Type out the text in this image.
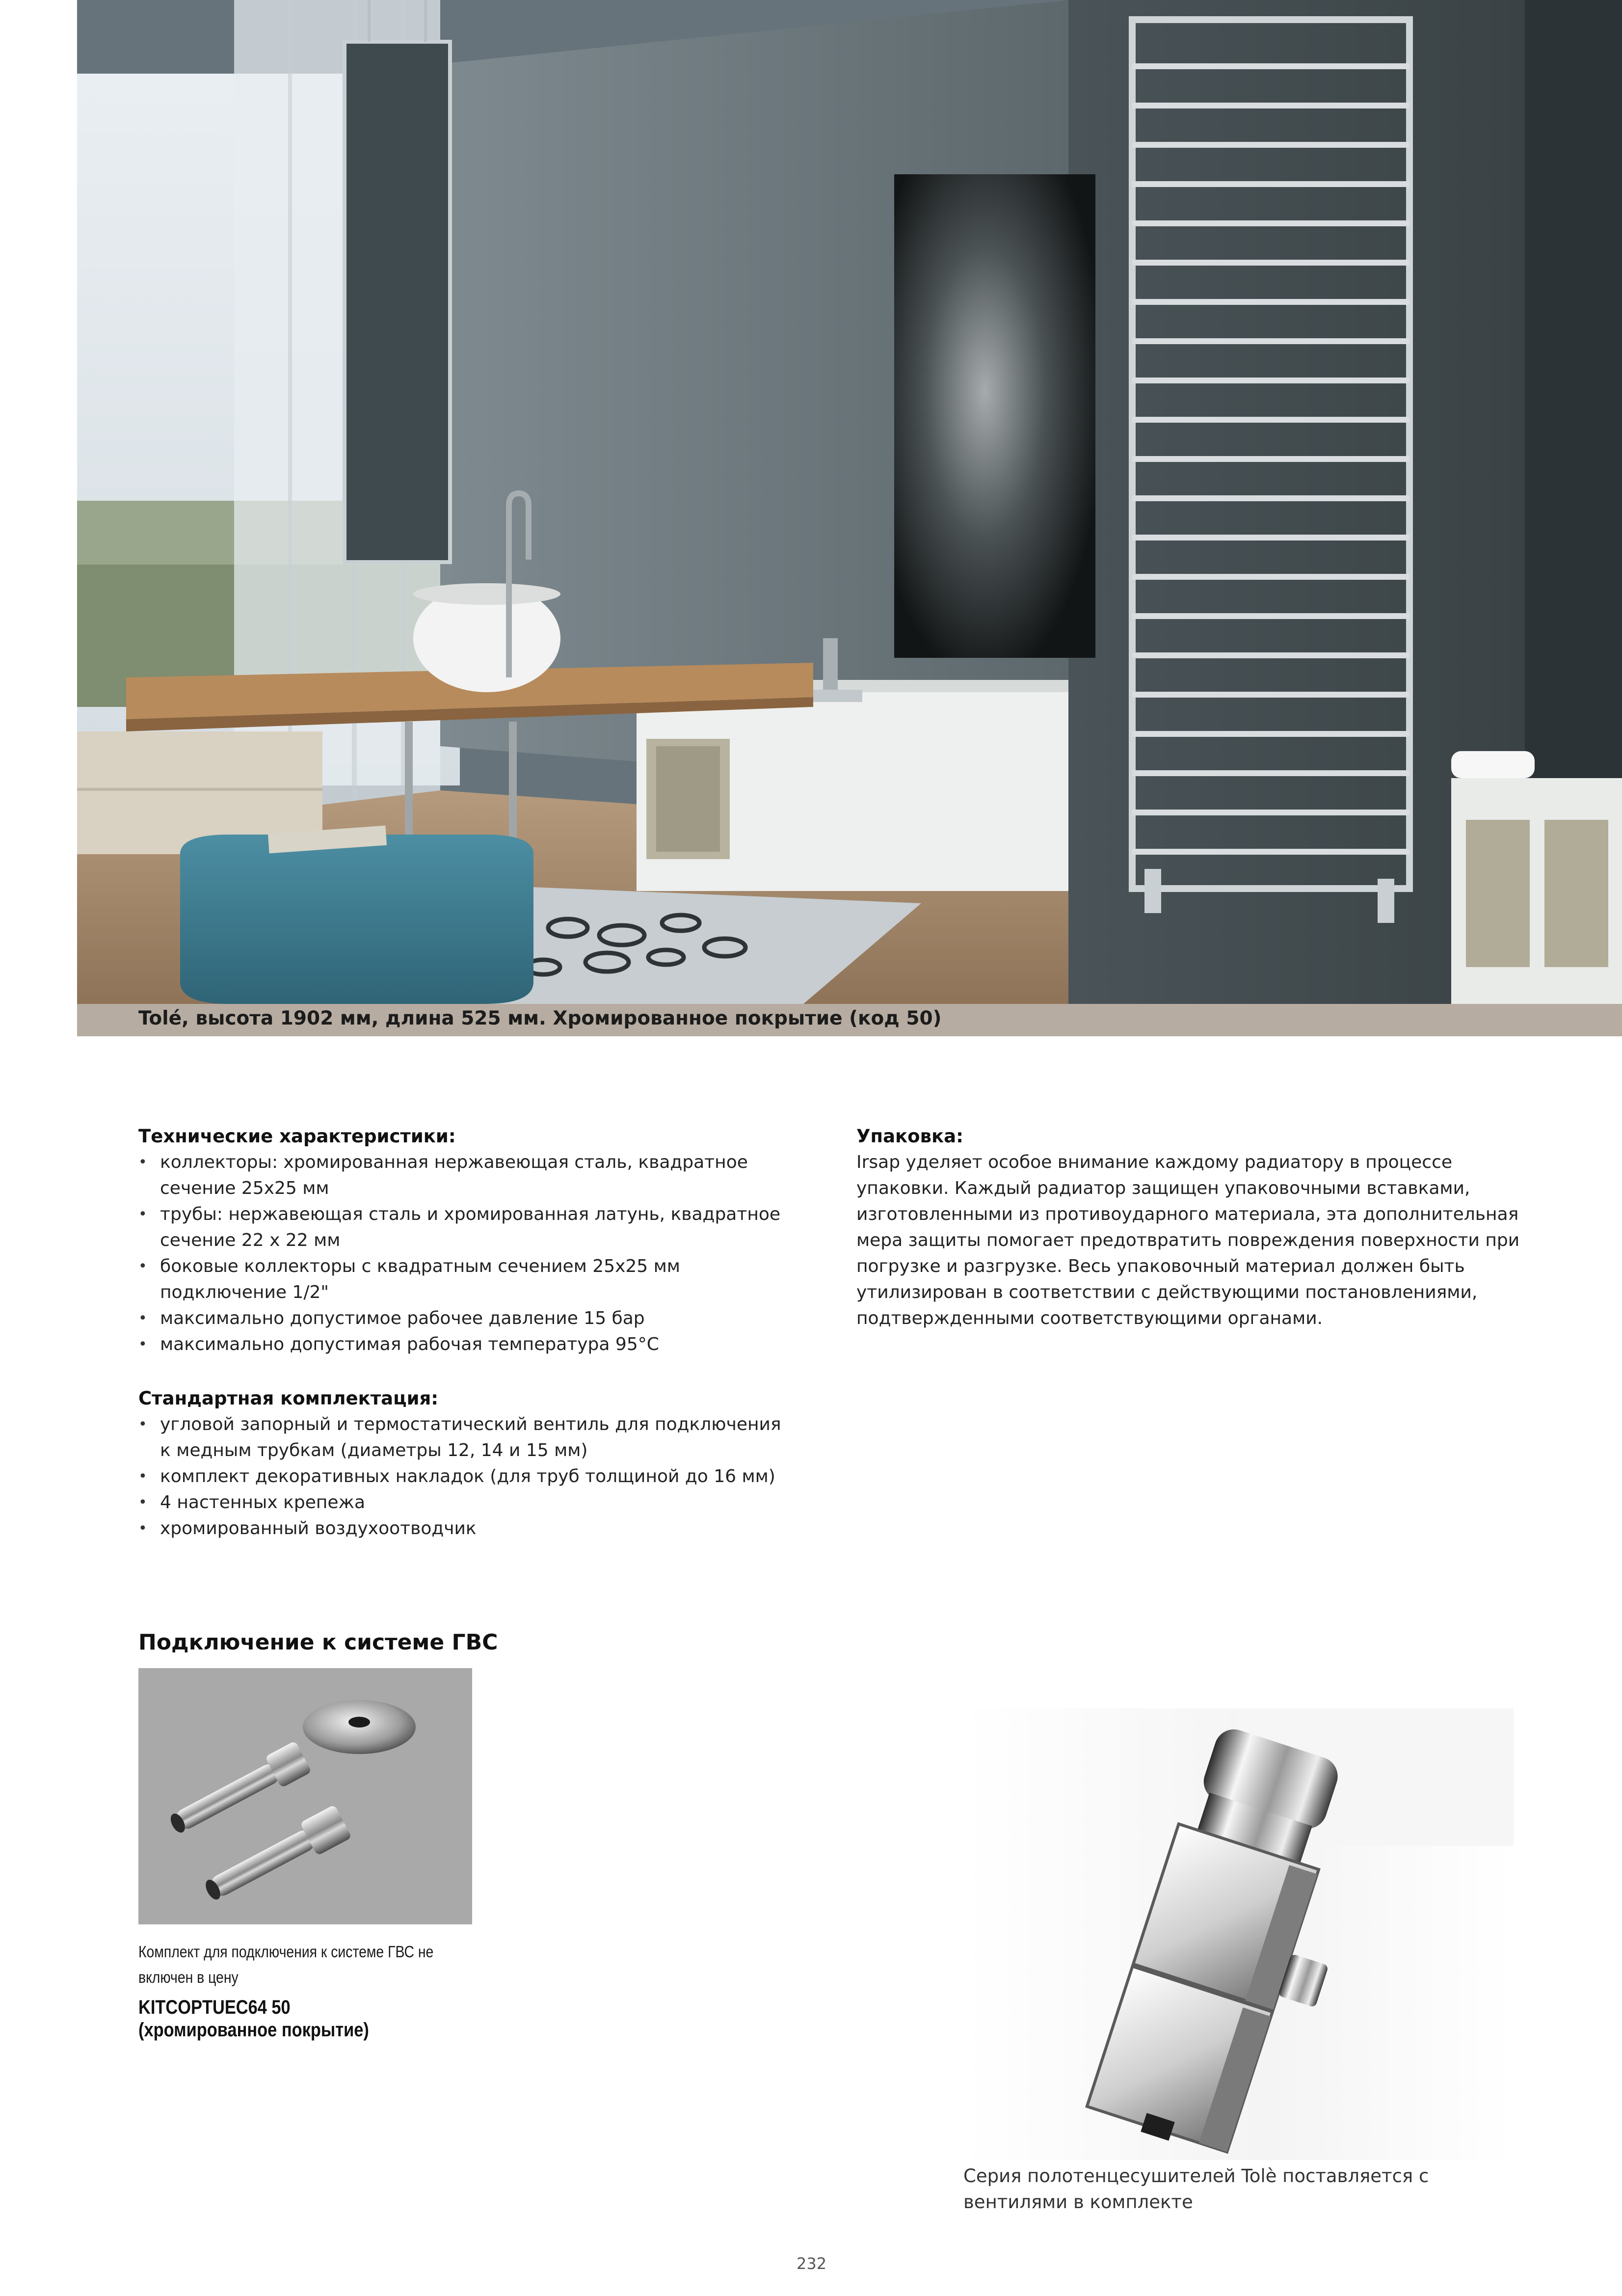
Tolé, высота 1902 мм, длина 525 мм. Хромированное покрытие (код 50)
Технические характеристики:
• коллекторы: хромированная нержавеющая сталь, квадратное сечение 25x25 мм
• трубы: нержавеющая сталь и хромированная латунь, квадратное сечение 22 х 22 мм
• боковые коллекторы с квадратным сечением 25x25 мм подключение 1/2"
• максимально допустимое рабочее давление 15 бар
• максимально допустимая рабочая температура 95°C
Стандартная комплектация:
• угловой запорный и термостатический вентиль для подключения к медным трубкам (диаметры 12, 14 и 15 мм)
• комплект декоративных накладок (для труб толщиной до 16 мм)
• 4 настенных крепежа
• хромированный воздухоотводчик
Упаковка:
Irsap уделяет особое внимание каждому радиатору в процессе упаковки. Каждый радиатор защищен упаковочными вставками, изготовленными из противоударного материала, эта дополнительная мера защиты помогает предотвратить повреждения поверхности при погрузке и разгрузке. Весь упаковочный материал должен быть утилизирован в соответствии с действующими постановлениями, подтвержденными соответствующими органами.
Подключение к системе ГВС
Комплект для подключения к системе ГВС не включен в цену
KITCOPTUEC64 50
(хромированное покрытие)
Серия полотенцесушителей Tolè поставляется с вентилями в комплекте
232
